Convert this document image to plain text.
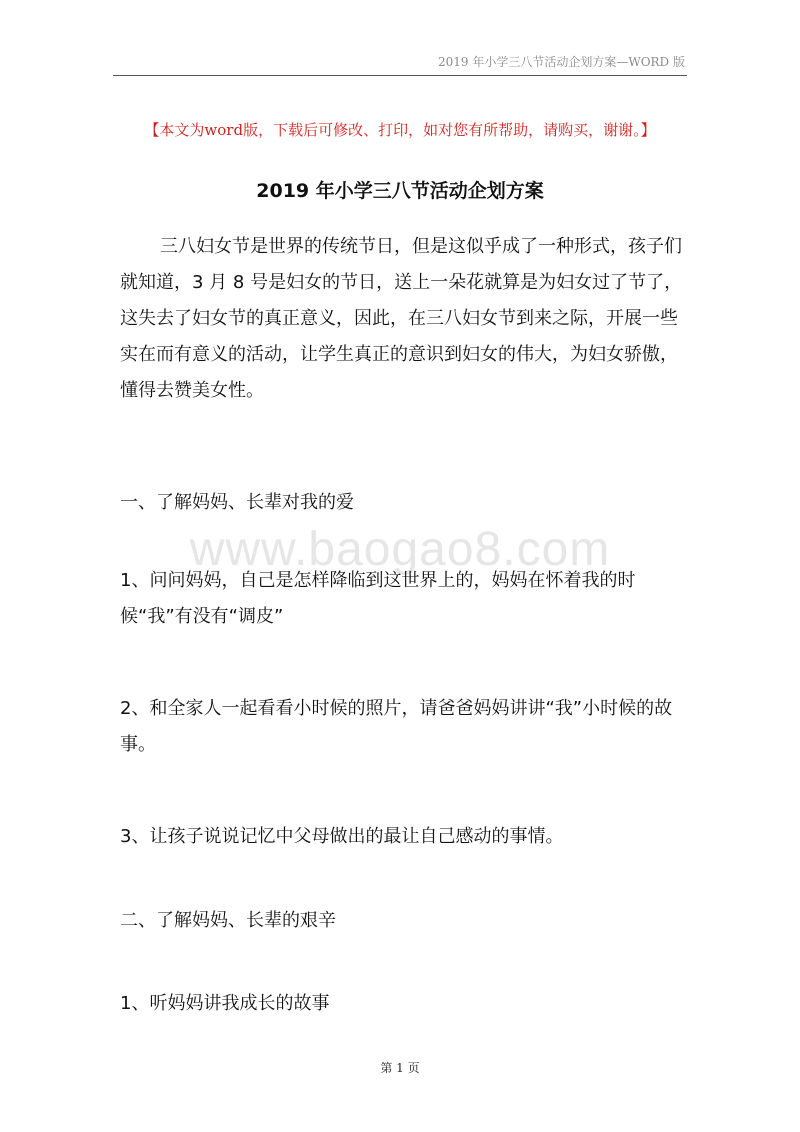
2019 年小学三八节活动企划方案—WORD 版
【本文为word版，下载后可修改、打印，如对您有所帮助，请购买，谢谢。】
2019 年小学三八节活动企划方案

三八妇女节是世界的传统节日，但是这似乎成了一种形式，孩子们就知道，3 月 8 号是妇女的节日，送上一朵花就算是为妇女过了节了，这失去了妇女节的真正意义，因此，在三八妇女节到来之际，开展一些实在而有意义的活动，让学生真正的意识到妇女的伟大，为妇女骄傲，懂得去赞美女性。

一、了解妈妈、长辈对我的爱

www.baogao8.com

1、问问妈妈，自己是怎样降临到这世界上的，妈妈在怀着我的时候“我”有没有“调皮”

2、和全家人一起看看小时候的照片，请爸爸妈妈讲讲“我”小时候的故事。

3、让孩子说说记忆中父母做出的最让自己感动的事情。

二、了解妈妈、长辈的艰辛

1、听妈妈讲我成长的故事

第 1 页
